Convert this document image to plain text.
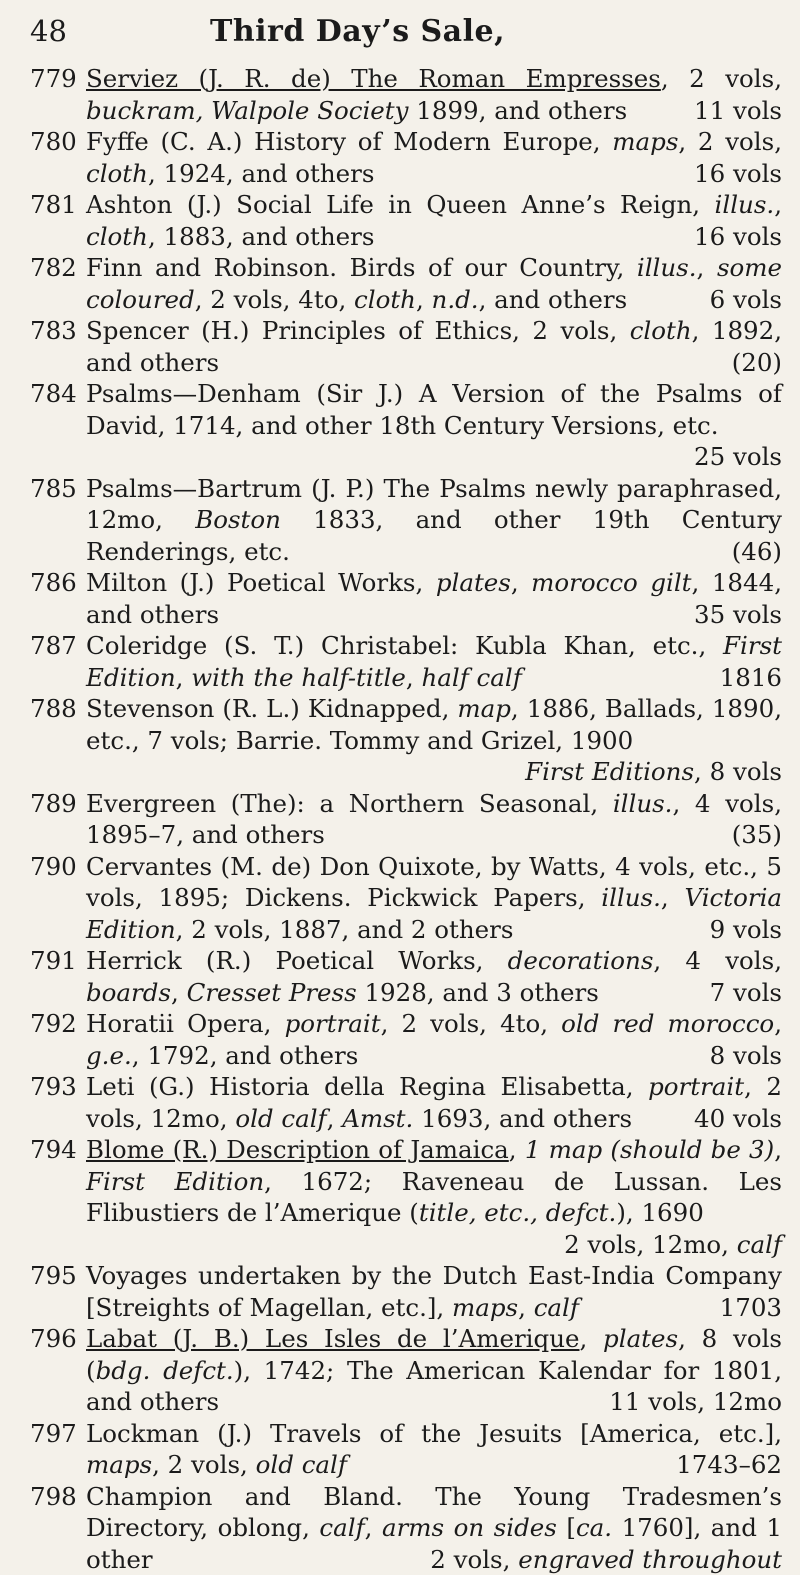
48	Third Day’s Sale,
779 Serviez (J. R. de) The Roman Empresses, 2 vols, buckram, Walpole Society 1899, and others	11 vols
780 Fyffe (C. A.) History of Modern Europe, maps, 2 vols, cloth, 1924, and others	16 vols
781 Ashton (J.) Social Life in Queen Anne’s Reign, illus., cloth, 1883, and others	16 vols
782 Finn and Robinson. Birds of our Country, illus., some coloured, 2 vols, 4to, cloth, n.d., and others	6 vols
783 Spencer (H.) Principles of Ethics, 2 vols, cloth, 1892, and others	(20)
784 Psalms—Denham (Sir J.) A Version of the Psalms of David, 1714, and other 18th Century Versions, etc.
25 vols
785 Psalms—Bartrum (J. P.) The Psalms newly paraphrased, 12mo, Boston 1833, and other 19th Century Renderings, etc.	(46)
786 Milton (J.) Poetical Works, plates, morocco gilt, 1844, and others	35 vols
787 Coleridge (S. T.) Christabel: Kubla Khan, etc., First Edition, with the half-title, half calf	1816
788 Stevenson (R. L.) Kidnapped, map, 1886, Ballads, 1890, etc., 7 vols; Barrie. Tommy and Grizel, 1900
First Editions, 8 vols
789 Evergreen (The): a Northern Seasonal, illus., 4 vols, 1895–7, and others	(35)
790 Cervantes (M. de) Don Quixote, by Watts, 4 vols, etc., 5 vols, 1895; Dickens. Pickwick Papers, illus., Victoria Edition, 2 vols, 1887, and 2 others	9 vols
791 Herrick (R.) Poetical Works, decorations, 4 vols, boards, Cresset Press 1928, and 3 others	7 vols
792 Horatii Opera, portrait, 2 vols, 4to, old red morocco, g.e., 1792, and others	8 vols
793 Leti (G.) Historia della Regina Elisabetta, portrait, 2 vols, 12mo, old calf, Amst. 1693, and others	40 vols
794 Blome (R.) Description of Jamaica, 1 map (should be 3), First Edition, 1672; Raveneau de Lussan. Les Flibustiers de l’Amerique (title, etc., defct.), 1690
2 vols, 12mo, calf
795 Voyages undertaken by the Dutch East-India Company [Streights of Magellan, etc.], maps, calf	1703
796 Labat (J. B.) Les Isles de l’Amerique, plates, 8 vols (bdg. defct.), 1742; The American Kalendar for 1801, and others	11 vols, 12mo
797 Lockman (J.) Travels of the Jesuits [America, etc.], maps, 2 vols, old calf	1743–62
798 Champion and Bland. The Young Tradesmen’s Directory, oblong, calf, arms on sides [ca. 1760], and 1 other	2 vols, engraved throughout
